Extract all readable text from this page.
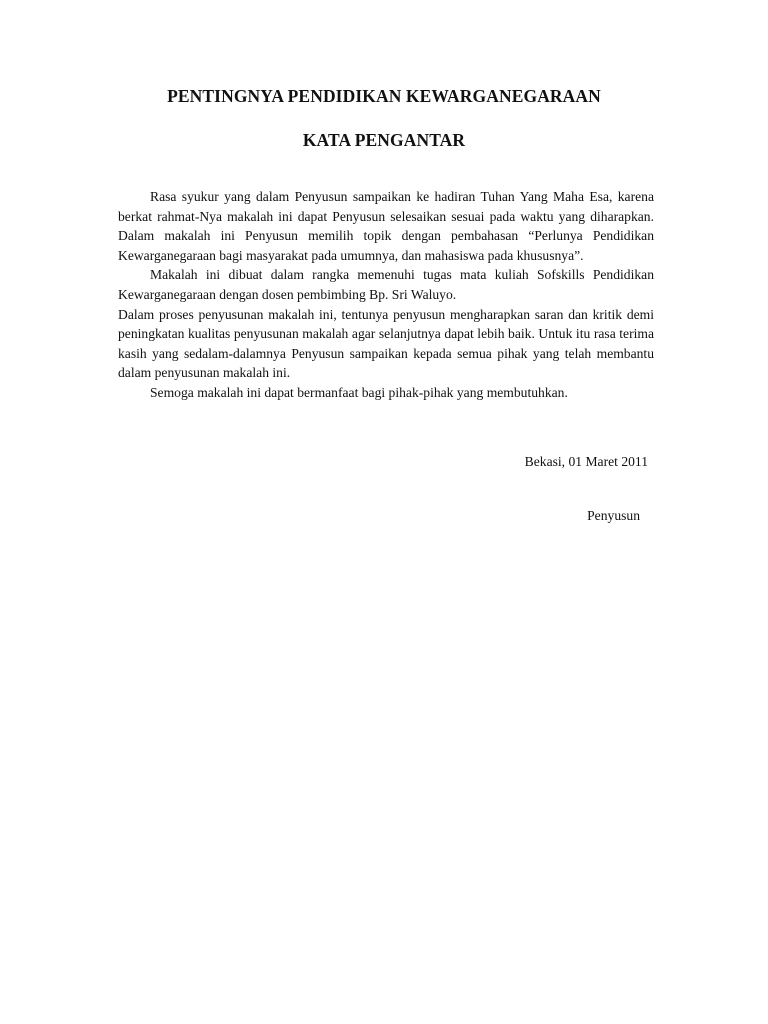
PENTINGNYA PENDIDIKAN KEWARGANEGARAAN
KATA PENGANTAR

Rasa syukur yang dalam Penyusun sampaikan ke hadiran Tuhan Yang Maha Esa, karena berkat rahmat-Nya makalah ini dapat Penyusun selesaikan sesuai pada waktu yang diharapkan. Dalam makalah ini Penyusun memilih topik dengan pembahasan “Perlunya Pendidikan Kewarganegaraan bagi masyarakat pada umumnya, dan mahasiswa pada khususnya”.

Makalah ini dibuat dalam rangka memenuhi tugas mata kuliah Sofskills Pendidikan Kewarganegaraan dengan dosen pembimbing Bp. Sri Waluyo.

Dalam proses penyusunan makalah ini, tentunya penyusun mengharapkan saran dan kritik demi peningkatan kualitas penyusunan makalah agar selanjutnya dapat lebih baik. Untuk itu rasa terima kasih yang sedalam-dalamnya Penyusun sampaikan kepada semua pihak yang telah membantu dalam penyusunan makalah ini.

Semoga makalah ini dapat bermanfaat bagi pihak-pihak yang membutuhkan.

Bekasi, 01 Maret 2011

Penyusun
